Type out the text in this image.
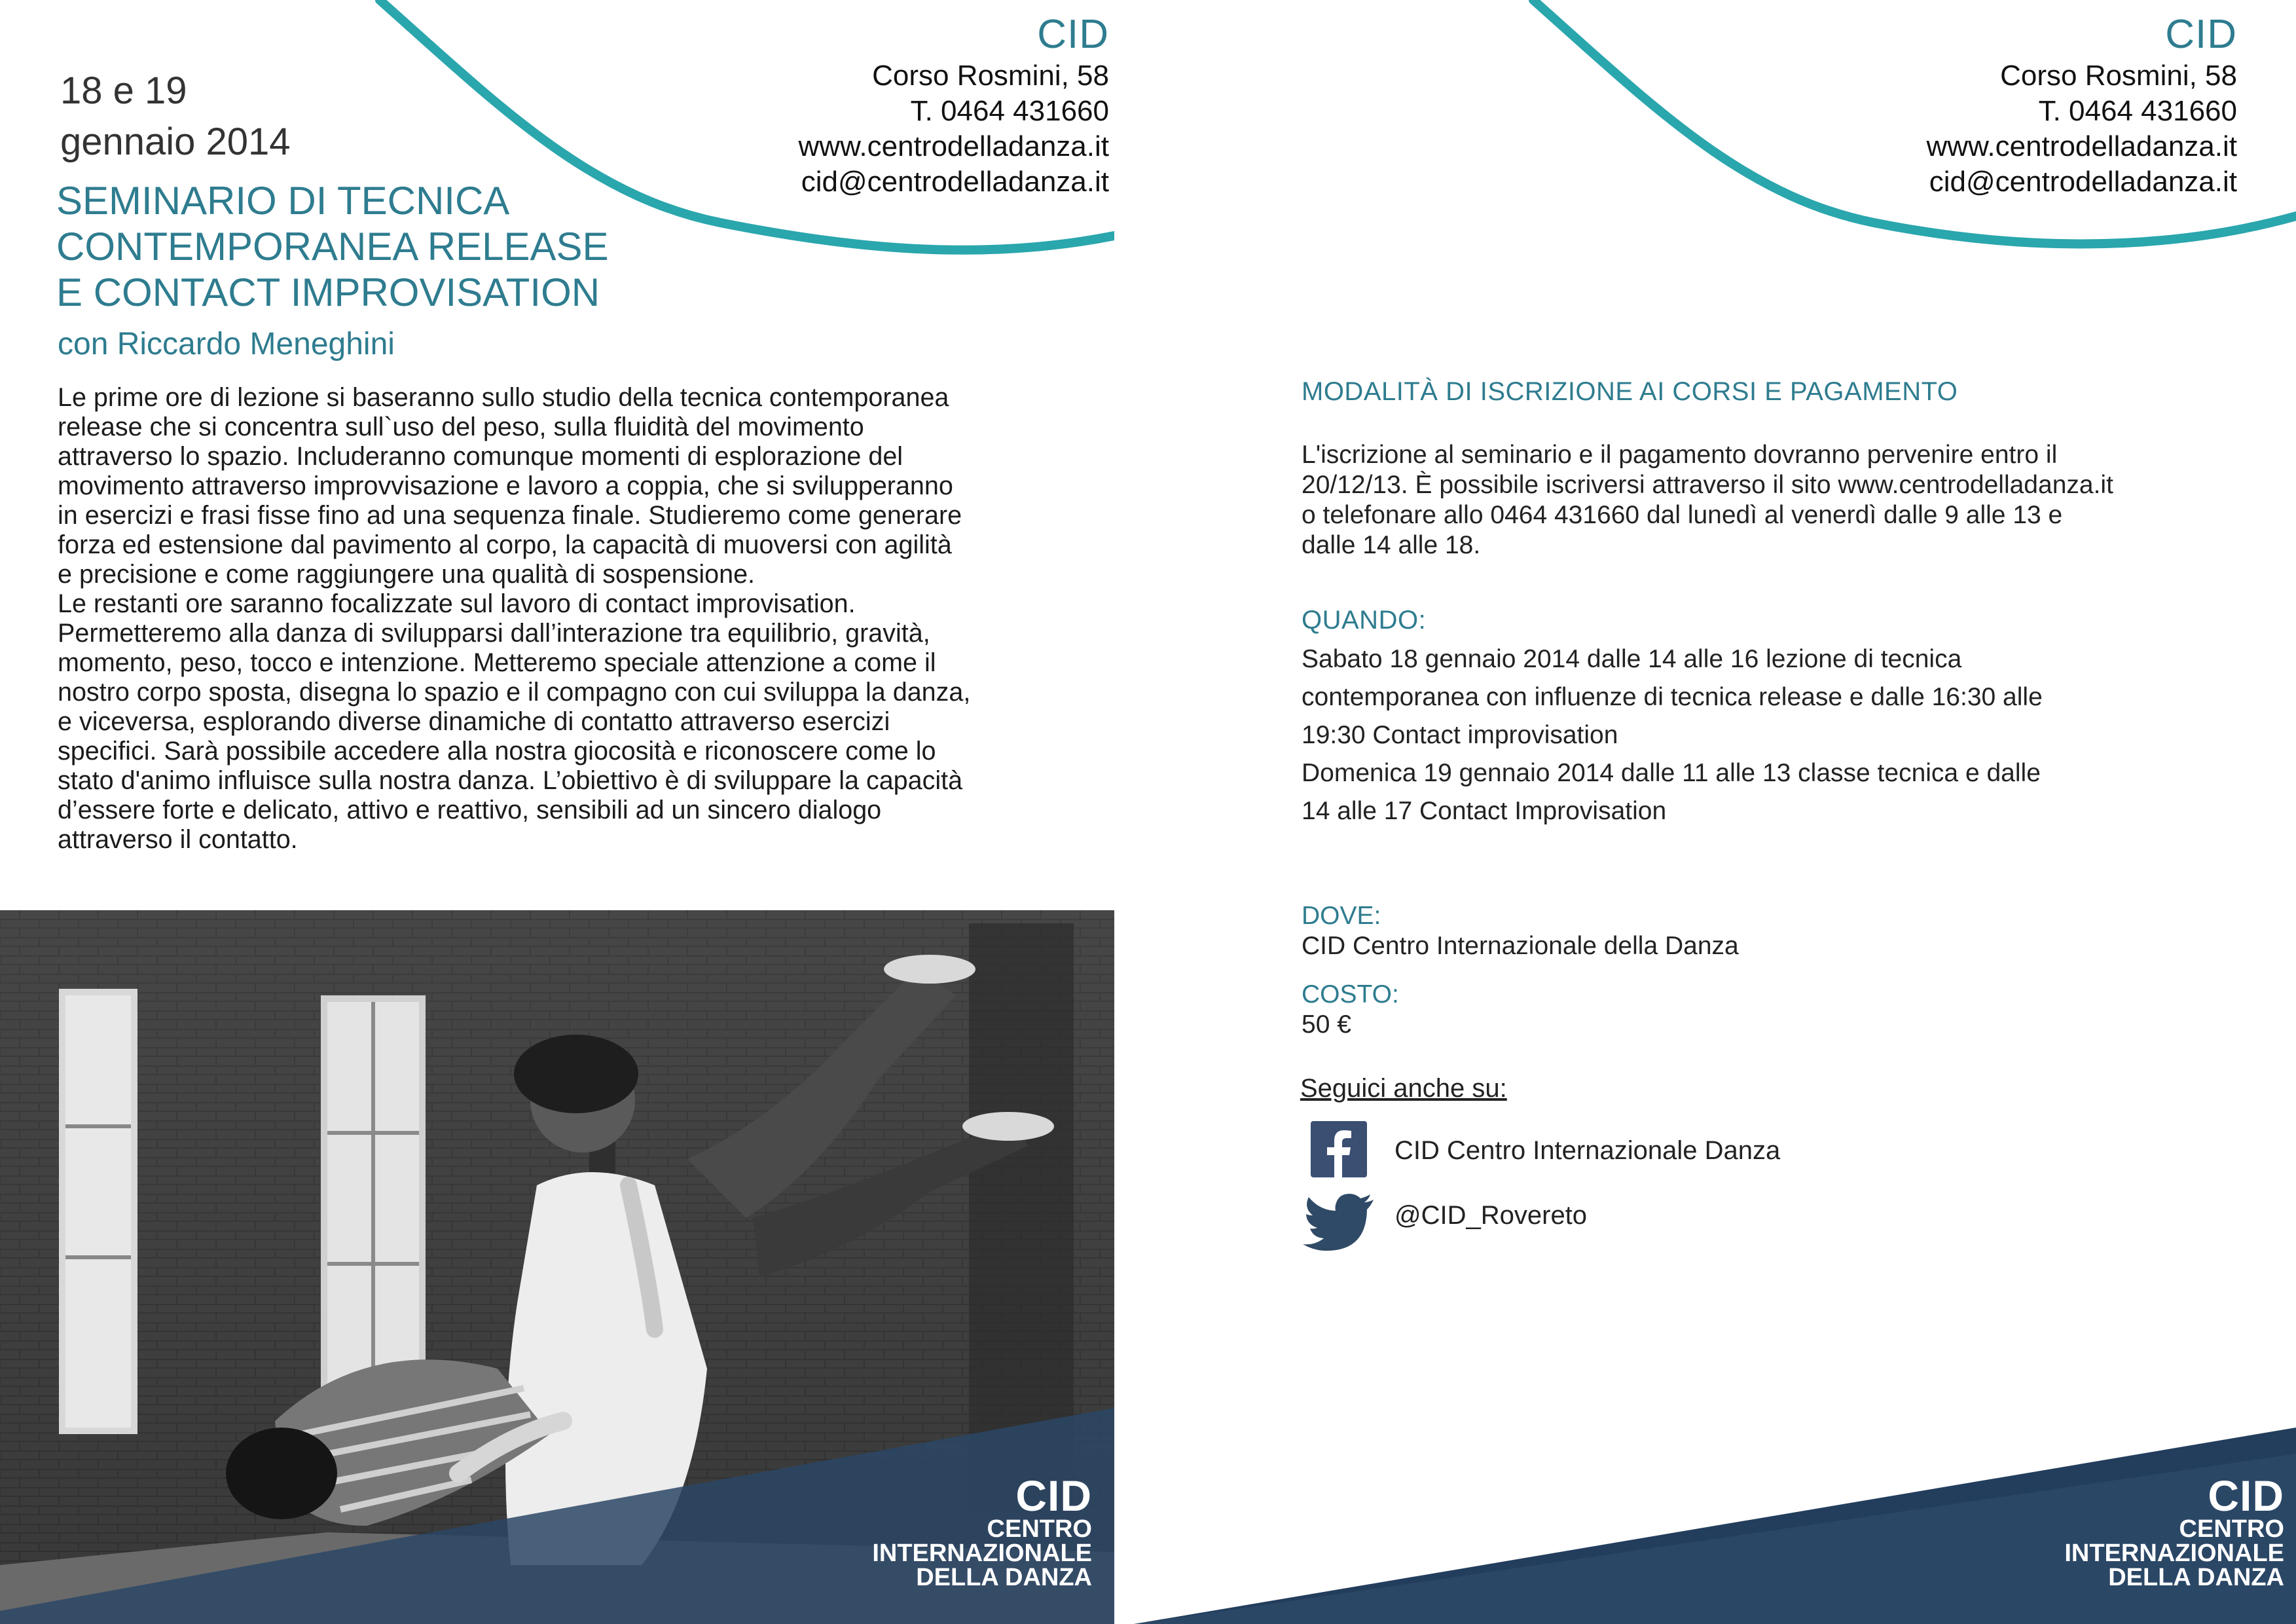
CID
Corso Rosmini, 58
T. 0464 431660
www.centrodelladanza.it
cid@centrodelladanza.it
18 e 19
gennaio 2014
SEMINARIO DI TECNICA
CONTEMPORANEA RELEASE
E CONTACT IMPROVISATION
con Riccardo Meneghini
Le prime ore di lezione si baseranno sullo studio della tecnica contemporanea
release che si concentra sull`uso del peso, sulla fluidità del movimento
attraverso lo spazio. Includeranno comunque momenti di esplorazione del
movimento attraverso improvvisazione e lavoro a coppia, che si svilupperanno
in esercizi e frasi fisse fino ad una sequenza finale. Studieremo come generare
forza ed estensione dal pavimento al corpo, la capacità di muoversi con agilità
e precisione e come raggiungere una qualità di sospensione.
Le restanti ore saranno focalizzate sul lavoro di contact improvisation.
Permetteremo alla danza di svilupparsi dall’interazione tra equilibrio, gravità,
momento, peso, tocco e intenzione. Metteremo speciale attenzione a come il
nostro corpo sposta, disegna lo spazio e il compagno con cui sviluppa la danza,
e viceversa, esplorando diverse dinamiche di contatto attraverso esercizi
specifici. Sarà possibile accedere alla nostra giocosità e riconoscere come lo
stato d'animo influisce sulla nostra danza. L’obiettivo è di sviluppare la capacità
d’essere forte e delicato, attivo e reattivo, sensibili ad un sincero dialogo
attraverso il contatto.
CID
CENTRO
INTERNAZIONALE
DELLA DANZA
CID
Corso Rosmini, 58
T. 0464 431660
www.centrodelladanza.it
cid@centrodelladanza.it
MODALITÀ DI ISCRIZIONE AI CORSI E PAGAMENTO
L'iscrizione al seminario e il pagamento dovranno pervenire entro il
20/12/13. È possibile iscriversi attraverso il sito www.centrodelladanza.it
o telefonare allo 0464 431660 dal lunedì al venerdì dalle 9 alle 13 e
dalle 14 alle 18.
QUANDO:
Sabato 18 gennaio 2014 dalle 14 alle 16 lezione di tecnica
contemporanea con influenze di tecnica release e dalle 16:30 alle
19:30 Contact improvisation
Domenica 19 gennaio 2014 dalle 11 alle 13 classe tecnica e dalle
14 alle 17 Contact Improvisation

DOVE:
CID Centro Internazionale della Danza

COSTO:
50 €

Seguici anche su:
CID Centro Internazionale Danza
@CID_Rovereto
CID
CENTRO
INTERNAZIONALE
DELLA DANZA
